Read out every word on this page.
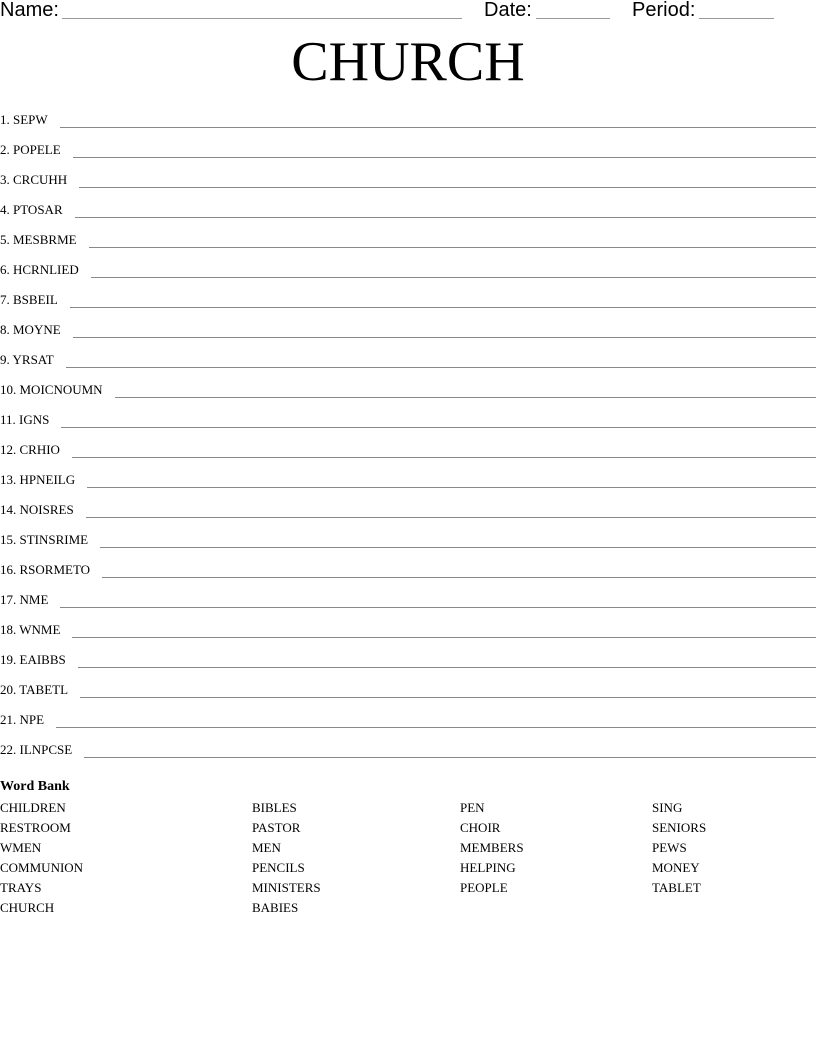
Name:	Date:	Period:
CHURCH
1. SEPW
2. POPELE
3. CRCUHH
4. PTOSAR
5. MESBRME
6. HCRNLIED
7. BSBEIL
8. MOYNE
9. YRSAT
10. MOICNOUMN
11. IGNS
12. CRHIO
13. HPNEILG
14. NOISRES
15. STINSRIME
16. RSORMETO
17. NME
18. WNME
19. EAIBBS
20. TABETL
21. NPE
22. ILNPCSE
Word Bank
CHILDREN
RESTROOM
WMEN
COMMUNION
TRAYS
CHURCH
BIBLES
PASTOR
MEN
PENCILS
MINISTERS
BABIES
PEN
CHOIR
MEMBERS
HELPING
PEOPLE
SING
SENIORS
PEWS
MONEY
TABLET
